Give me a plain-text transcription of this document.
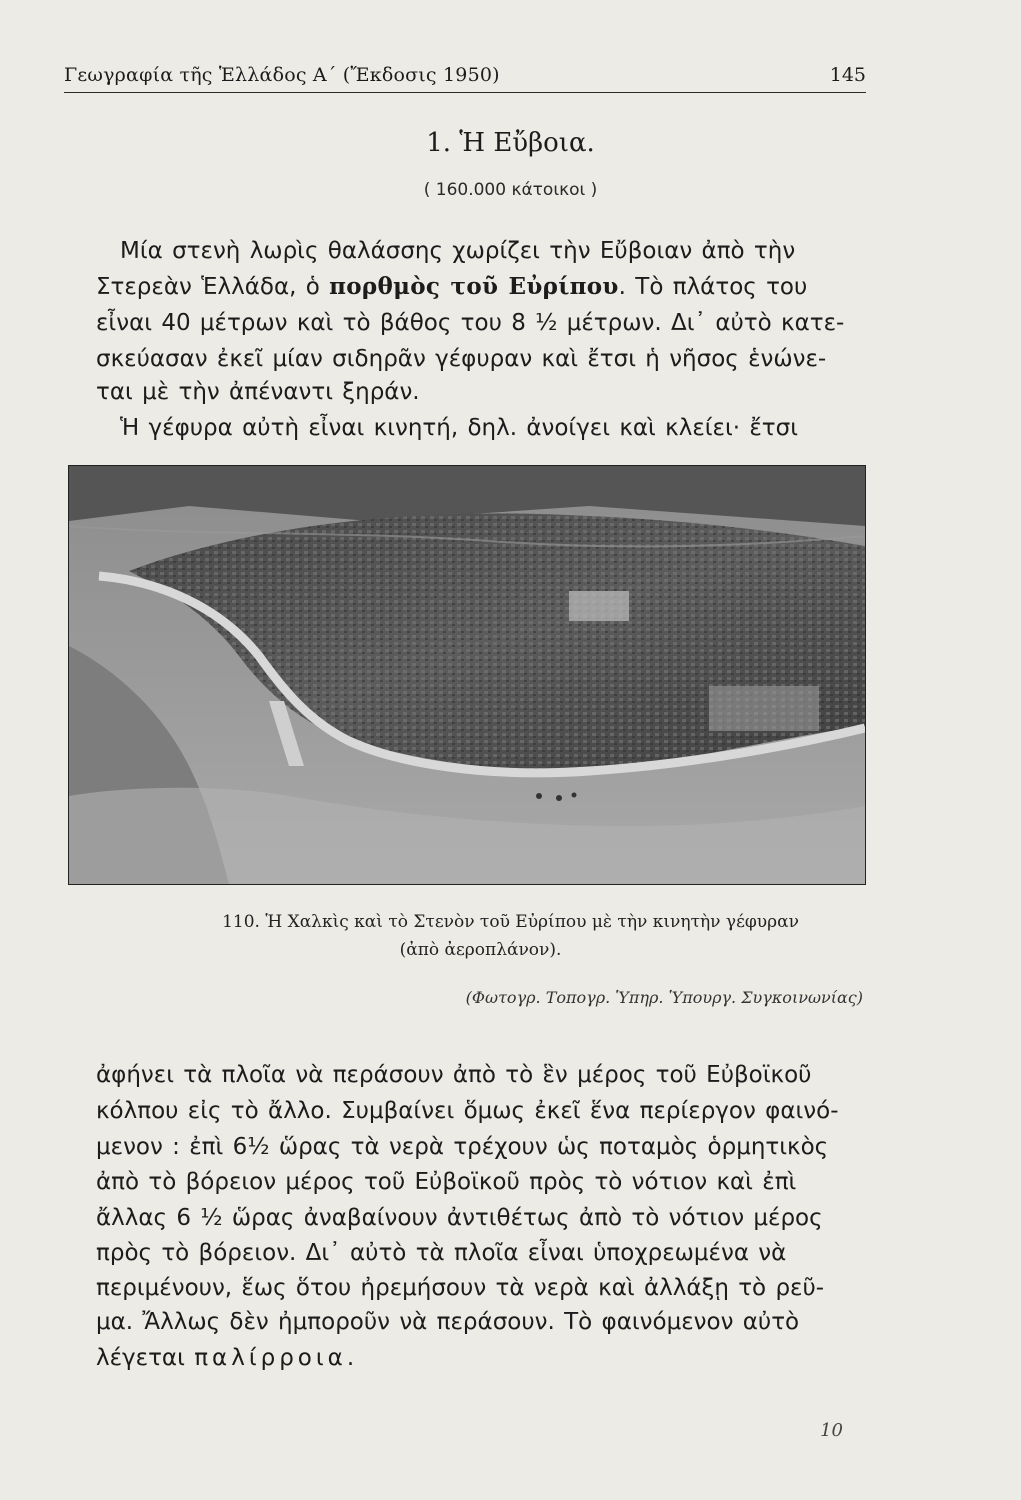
Γεωγραφία τῆς Ἑλλάδος Α΄ (Ἔκδοσις 1950)	145
1. Ἡ Εὔβοια.
( 160.000 κάτοικοι )
Μία στενὴ λωρὶς θαλάσσης χωρίζει τὴν Εὔβοιαν ἀπὸ τὴν
Στερεὰν Ἑλλάδα, ὁ πορθμὸς τοῦ Εὐρίπου. Τὸ πλάτος του
εἶναι 40 μέτρων καὶ τὸ βάθος του 8 ½ μέτρων. Δι᾽ αὐτὸ κατε-
σκεύασαν ἐκεῖ μίαν σιδηρᾶν γέφυραν καὶ ἔτσι ἡ νῆσος ἑνώνε-
ται μὲ τὴν ἀπέναντι ξηράν.
Ἡ γέφυρα αὐτὴ εἶναι κινητή, δηλ. ἀνοίγει καὶ κλείει· ἔτσι
110. Ἡ Χαλκὶς καὶ τὸ Στενὸν τοῦ Εὐρίπου μὲ τὴν κινητὴν γέφυραν
(ἀπὸ ἀεροπλάνον).
(Φωτογρ. Τοπογρ. Ὑπηρ. Ὑπουργ. Συγκοινωνίας)
ἀφήνει τὰ πλοῖα νὰ περάσουν ἀπὸ τὸ ἓν μέρος τοῦ Εὐβοϊκοῦ
κόλπου εἰς τὸ ἄλλο. Συμβαίνει ὅμως ἐκεῖ ἕνα περίεργον φαινό-
μενον : ἐπὶ 6½ ὥρας τὰ νερὰ τρέχουν ὡς ποταμὸς ὁρμητικὸς
ἀπὸ τὸ βόρειον μέρος τοῦ Εὐβοϊκοῦ πρὸς τὸ νότιον καὶ ἐπὶ
ἄλλας 6 ½ ὥρας ἀναβαίνουν ἀντιθέτως ἀπὸ τὸ νότιον μέρος
πρὸς τὸ βόρειον. Δι᾽ αὐτὸ τὰ πλοῖα εἶναι ὑποχρεωμένα νὰ
περιμένουν, ἕως ὅτου ἠρεμήσουν τὰ νερὰ καὶ ἀλλάξῃ τὸ ρεῦ-
μα. Ἄλλως δὲν ἠμποροῦν νὰ περάσουν. Τὸ φαινόμενον αὐτὸ
λέγεται παλίρροια.
10
